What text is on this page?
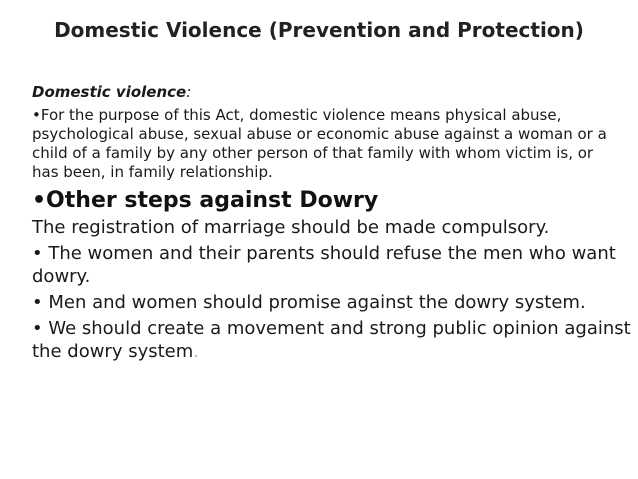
Domestic Violence (Prevention and Protection)
Domestic violence:
•For the purpose of this Act, domestic violence means physical abuse, psychological abuse, sexual abuse or economic abuse against a woman or a child of a family by any other person of that family with whom victim is, or has been, in family relationship.
•Other steps against Dowry
The registration of marriage should be made compulsory.
• The women and their parents should refuse the men who want dowry.
• Men and women should promise against the dowry system.
• We should create a movement and strong public opinion against the dowry system.
